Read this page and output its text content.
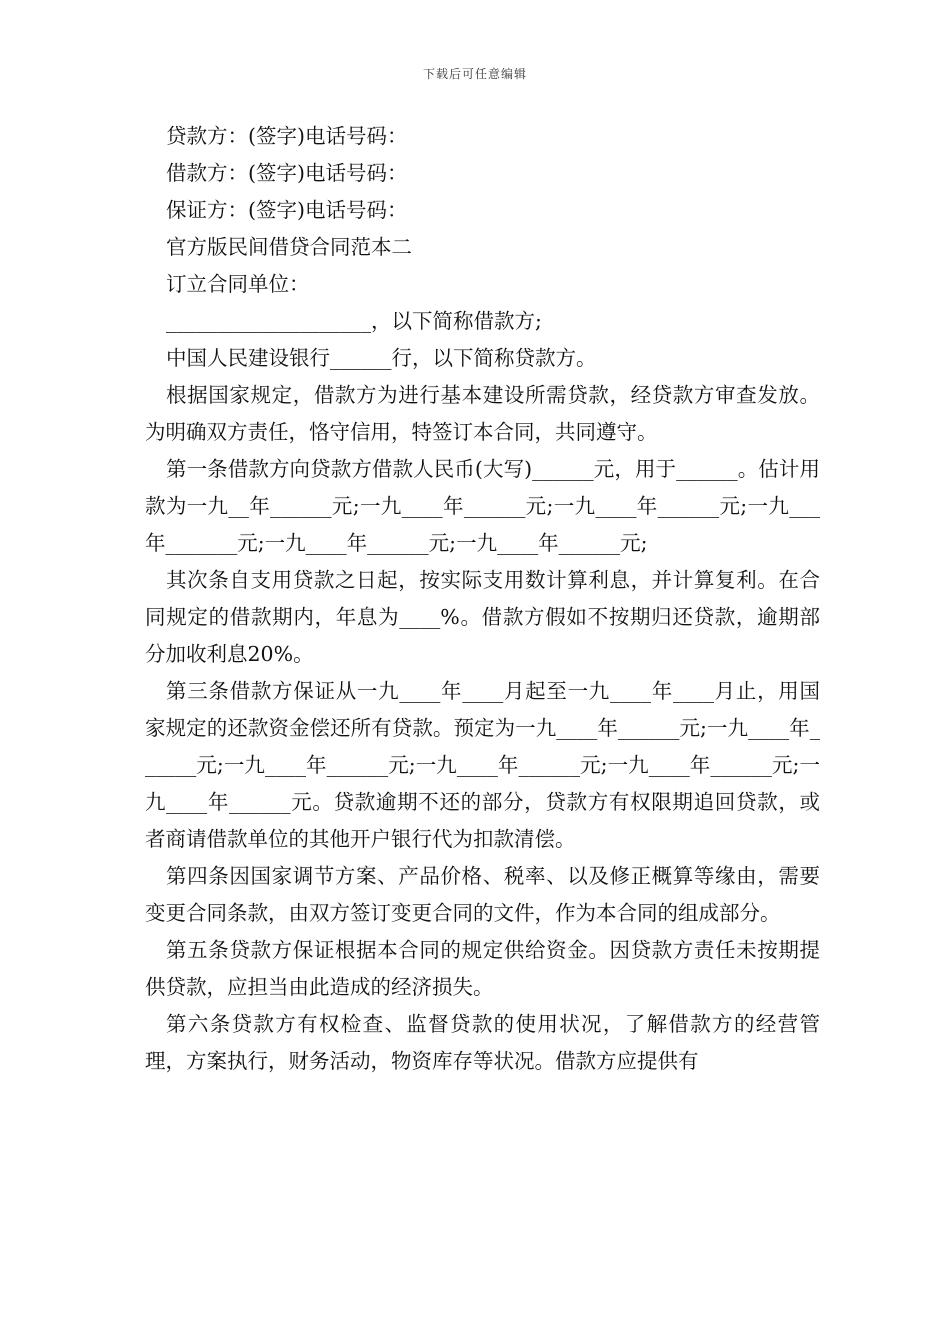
下载后可任意编辑

贷款方：(签字)电话号码：

借款方：(签字)电话号码：

保证方：(签字)电话号码：

官方版民间借贷合同范本二

订立合同单位：

____________________，以下简称借款方;

中国人民建设银行______行，以下简称贷款方。

根据国家规定，借款方为进行基本建设所需贷款，经贷款方审查发放。为明确双方责任，恪守信用，特签订本合同，共同遵守。

第一条借款方向贷款方借款人民币(大写)______元，用于______。估计用款为一九__年______元;一九____年______元;一九____年______元;一九___年_______元;一九____年______元;一九____年______元;

其次条自支用贷款之日起，按实际支用数计算利息，并计算复利。在合同规定的借款期内，年息为____%。借款方假如不按期归还贷款，逾期部分加收利息20%。

第三条借款方保证从一九____年____月起至一九____年____月止，用国家规定的还款资金偿还所有贷款。预定为一九____年______元;一九____年______元;一九____年______元;一九____年______元;一九____年______元;一九____年______元。贷款逾期不还的部分，贷款方有权限期追回贷款，或者商请借款单位的其他开户银行代为扣款清偿。

第四条因国家调节方案、产品价格、税率、以及修正概算等缘由，需要变更合同条款，由双方签订变更合同的文件，作为本合同的组成部分。

第五条贷款方保证根据本合同的规定供给资金。因贷款方责任未按期提供贷款，应担当由此造成的经济损失。

第六条贷款方有权检查、监督贷款的使用状况，了解借款方的经营管理，方案执行，财务活动，物资库存等状况。借款方应提供有
